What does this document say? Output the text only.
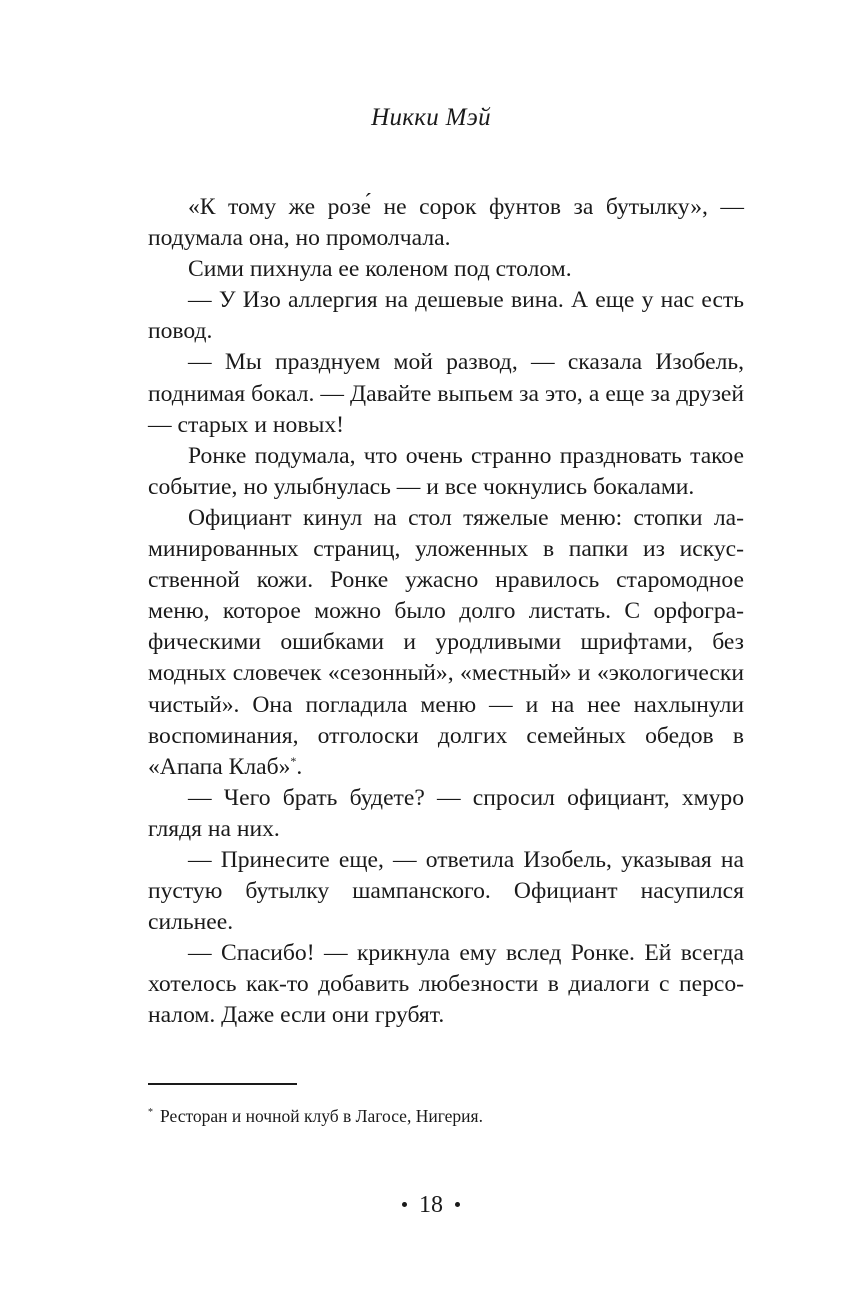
Никки Мэй

«К тому же розе́ не сорок фунтов за бутылку», — подумала она, но промолчала.

Сими пихнула ее коленом под столом.

— У Изо аллергия на дешевые вина. А еще у нас есть повод.

— Мы празднуем мой развод, — сказала Изобель, поднимая бокал. — Давайте выпьем за это, а еще за друзей — старых и новых!

Ронке подумала, что очень странно праздновать такое событие, но улыбнулась — и все чокнулись бокалами.

Официант кинул на стол тяжелые меню: стопки ламинированных страниц, уложенных в папки из искусственной кожи. Ронке ужасно нравилось старомодное меню, которое можно было долго листать. С орфографическими ошибками и уродливыми шрифтами, без модных словечек «сезонный», «местный» и «экологически чистый». Она погладила меню — и на нее нахлынули воспоминания, отголоски долгих семейных обедов в «Апапа Клаб»*.

— Чего брать будете? — спросил официант, хмуро глядя на них.

— Принесите еще, — ответила Изобель, указывая на пустую бутылку шампанского. Официант насупился сильнее.

— Спасибо! — крикнула ему вслед Ронке. Ей всегда хотелось как-то добавить любезности в диалоги с персоналом. Даже если они грубят.

* Ресторан и ночной клуб в Лагосе, Нигерия.
18
